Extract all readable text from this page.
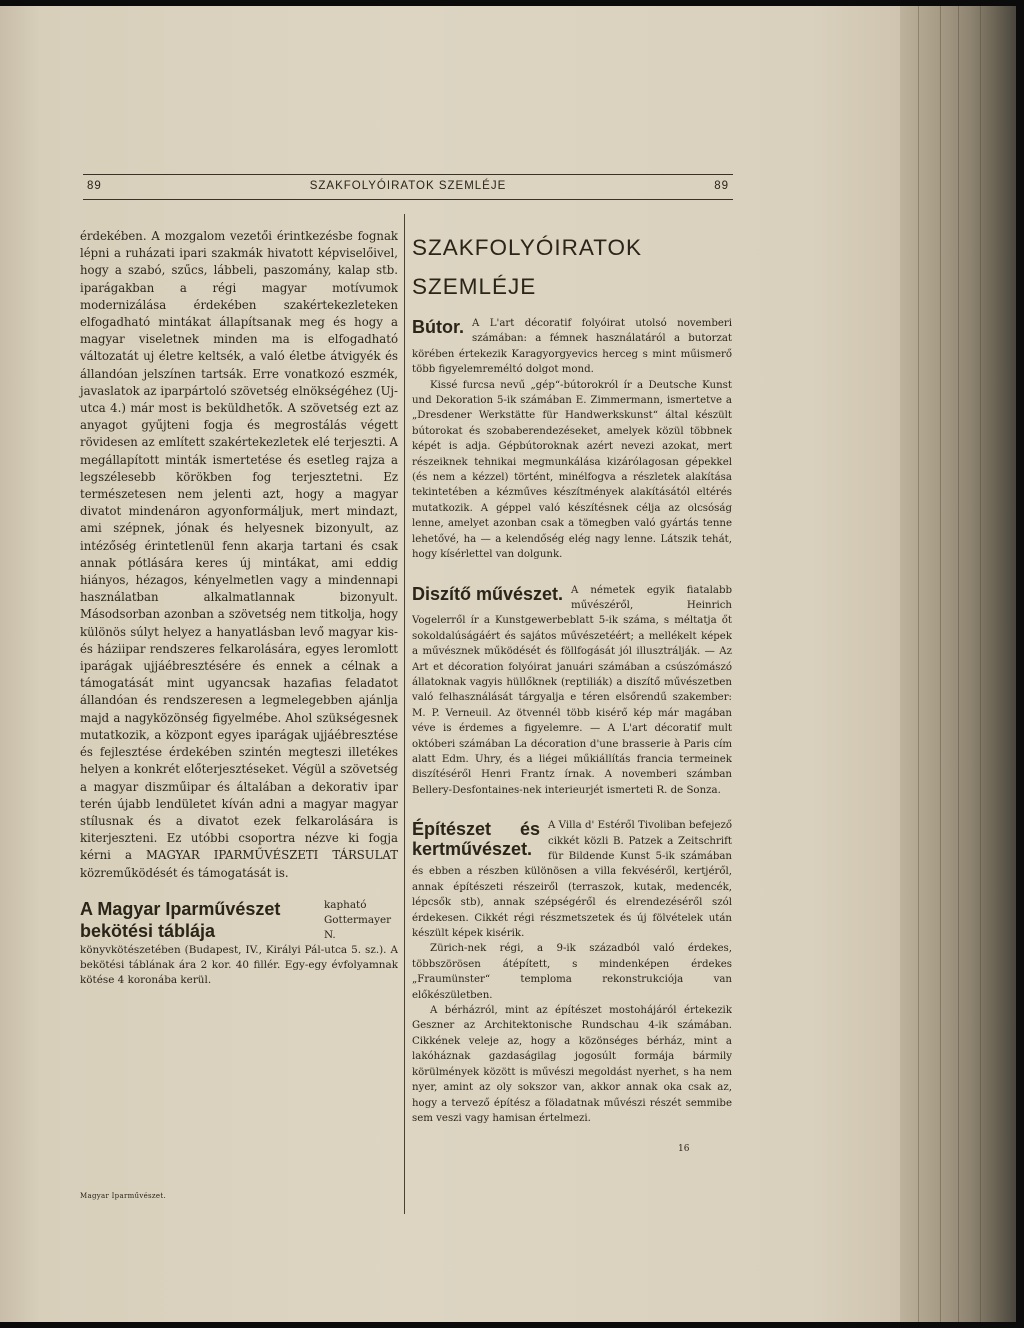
89	SZAKFOLYÓIRATOK SZEMLÉJE	89

érdekében. A mozgalom vezetői érintkezésbe fognak lépni a ruházati ipari szakmák hivatott képviselőivel, hogy a szabó, szűcs, lábbeli, paszomány, kalap stb. iparágakban a régi magyar motívumok modernizálása érdekében szakértekezleteken elfogadható mintákat állapítsanak meg és hogy a magyar viseletnek minden ma is elfogadható változatát uj életre keltsék, a való életbe átvigyék és állandóan jelszínen tartsák. Erre vonatkozó eszmék, javaslatok az iparpártoló szövetség elnökségéhez (Uj-utca 4.) már most is beküldhetők. A szövetség ezt az anyagot gyűjteni fogja és megrostálás végett rövidesen az említett szakértekezletek elé terjeszti. A megállapított minták ismertetése és esetleg rajza a legszélesebb körökben fog terjesztetni. Ez természetesen nem jelenti azt, hogy a magyar divatot mindenáron agyonformáljuk, mert mindazt, ami szépnek, jónak és helyesnek bizonyult, az intézőség érintetlenül fenn akarja tartani és csak annak pótlására keres új mintákat, ami eddig hiányos, hézagos, kényelmetlen vagy a mindennapi használatban alkalmatlannak bizonyult. Másodsorban azonban a szövetség nem titkolja, hogy különös súlyt helyez a hanyatlásban levő magyar kis- és háziipar rendszeres felkarolására, egyes leromlott iparágak ujjáébresztésére és ennek a célnak a támogatását mint ugyancsak hazafias feladatot állandóan és rendszeresen a legmelegebben ajánlja majd a nagyközönség figyelmébe. Ahol szükségesnek mutatkozik, a központ egyes iparágak ujjáébresztése és fejlesztése érdekében szintén megteszi illetékes helyen a konkrét előterjesztéseket. Végül a szövetség a magyar diszműipar és általában a dekorativ ipar terén újabb lendületet kíván adni a magyar magyar stílusnak és a divatot ezek felkarolására is kiterjeszteni. Ez utóbbi csoportra nézve ki fogja kérni a MAGYAR IPARMŰVÉSZETI TÁRSULAT közreműködését és támogatását is.

A Magyar Iparművészet bekötési táblája

kapható Gottermayer N. könyvkötészetében (Budapest, IV., Királyi Pál-utca 5. sz.). A bekötési táblának ára 2 kor. 40 fillér. Egy-egy évfolyamnak kötése 4 koronába kerül.

SZAKFOLYÓIRATOK SZEMLÉJE
Bútor. A L'art décoratif folyóirat utolsó novemberi számában: a fémnek használatáról a butorzat körében értekezik Karagyorgyevics herceg s mint műismerő több figyelemreméltó dolgot mond.

Kissé furcsa nevű „gép“-bútorokról ír a Deutsche Kunst und Dekoration 5-ik számában E. Zimmermann, ismertetve a „Dresdener Werkstätte für Handwerkskunst“ által készült bútorokat és szobaberendezéseket, amelyek közül többnek képét is adja. Gépbútoroknak azért nevezi azokat, mert részeiknek tehnikai megmunkálása kizárólagosan gépekkel (és nem a kézzel) történt, minélfogva a részletek alakítása tekintetében a kézműves készítmények alakításától eltérés mutatkozik. A géppel való készítésnek célja az olcsóság lenne, amelyet azonban csak a tömegben való gyártás tenne lehetővé, ha — a kelendőség elég nagy lenne. Látszik tehát, hogy kísérlettel van dolgunk.

Diszítő művészet. A németek egyik fiatalabb művészéről, Heinrich Vogelerről ír a Kunstgewerbeblatt 5-ik száma, s méltatja őt sokoldalúságáért és sajátos művészetéért; a mellékelt képek a művésznek működését és föllfogását jól illusztrálják. — Az Art et décoration folyóirat januári számában a csúszómászó állatoknak vagyis hüllőknek (reptiliák) a diszítő művészetben való felhasználását tárgyalja e téren elsőrendű szakember: M. P. Verneuil. Az ötvennél több kisérő kép már magában véve is érdemes a figyelemre. — A L'art décoratif mult októberi számában La décoration d'une brasserie à Paris cím alatt Edm. Uhry, és a liégei műkiállítás francia termeinek diszítéséről Henri Frantz írnak. A novemberi számban Bellery-Desfontaines-nek interieurjét ismerteti R. de Sonza.

Építészet és kertművészet.

A Villa d' Estéről Tivoliban befejező cikkét közli B. Patzek a Zeitschrift für Bildende Kunst 5-ik számában és ebben a részben különösen a villa fekvéséről, kertjéről, annak építészeti részeiről (terraszok, kutak, medencék, lépcsők stb), annak szépségéről és elrendezéséről szól érdekesen. Cikkét régi részmetszetek és új fölvételek után készült képek kisérik.

Zürich-nek régi, a 9-ik századból való érdekes, többszörösen átépített, s mindenképen érdekes „Fraumünster“ temploma rekonstrukciója van előkészületben.

A bérházról, mint az építészet mostohájáról értekezik Geszner az Architektonische Rundschau 4-ik számában. Cikkének veleje az, hogy a közönséges bérház, mint a lakóháznak gazdaságilag jogosúlt formája bármily körülmények között is művészi megoldást nyerhet, s ha nem nyer, amint az oly sokszor van, akkor annak oka csak az, hogy a tervező építész a föladatnak művészi részét semmibe sem veszi vagy hamisan értelmezi.

16
Magyar Iparművészet.
